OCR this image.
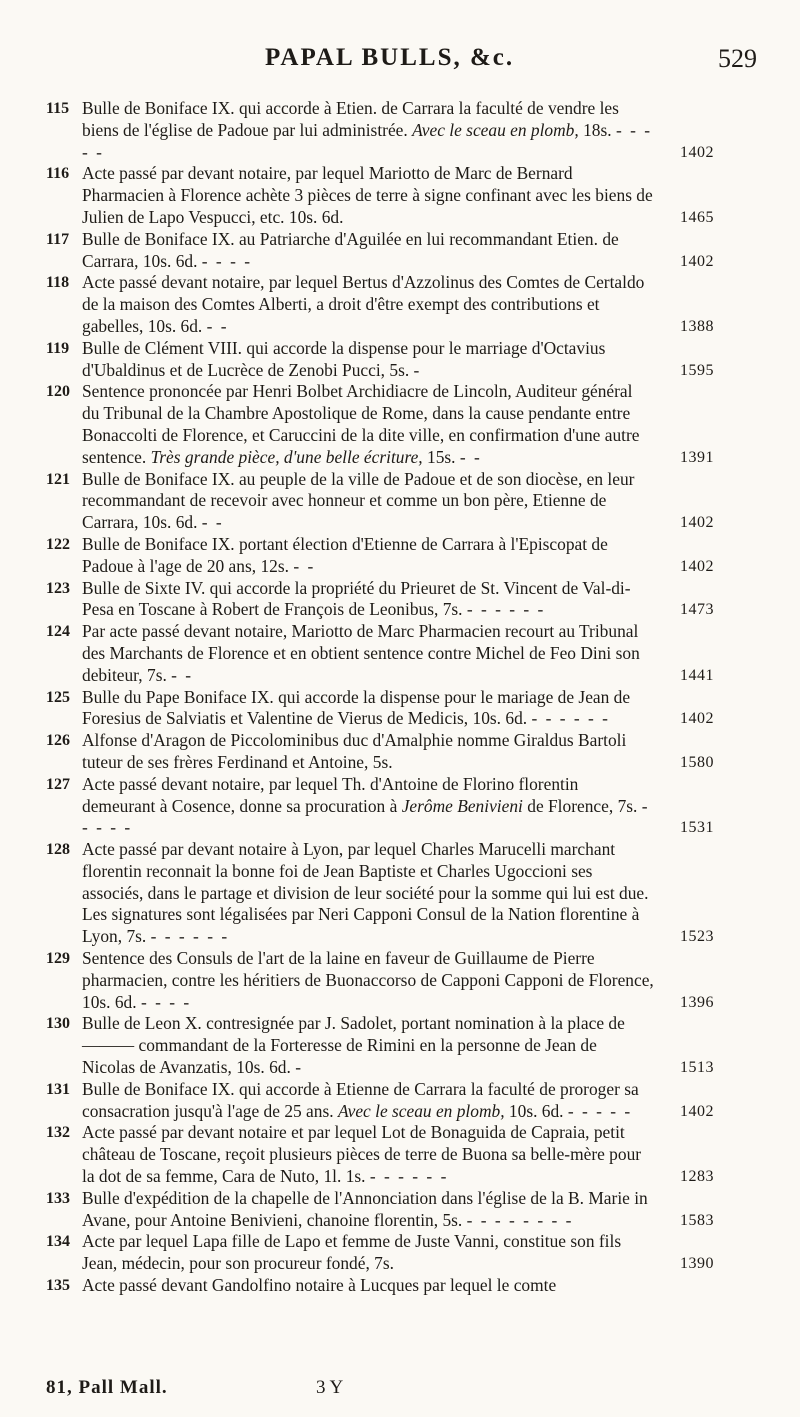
PAPAL BULLS, &c.	529
115 Bulle de Boniface IX. qui accorde à Etien. de Carrara la faculté de vendre les biens de l'église de Padoue par lui administrée. Avec le sceau en plomb, 18s. - - - - -	1402
116 Acte passé par devant notaire, par lequel Mariotto de Marc de Bernard Pharmacien à Florence achète 3 pièces de terre à signe confinant avec les biens de Julien de Lapo Vespucci, etc. 10s. 6d.	1465
117 Bulle de Boniface IX. au Patriarche d'Aguilée en lui recommandant Etien. de Carrara, 10s. 6d. - - - -	1402
118 Acte passé devant notaire, par lequel Bertus d'Azzolinus des Comtes de Certaldo de la maison des Comtes Alberti, a droit d'être exempt des contributions et gabelles, 10s. 6d. - -	1388
119 Bulle de Clément VIII. qui accorde la dispense pour le marriage d'Octavius d'Ubaldinus et de Lucrèce de Zenobi Pucci, 5s. -	1595
120 Sentence prononcée par Henri Bolbet Archidiacre de Lincoln, Auditeur général du Tribunal de la Chambre Apostolique de Rome, dans la cause pendante entre Bonaccolti de Florence, et Caruccini de la dite ville, en confirmation d'une autre sentence. Très grande pièce, d'une belle écriture, 15s. - -	1391
121 Bulle de Boniface IX. au peuple de la ville de Padoue et de son diocèse, en leur recommandant de recevoir avec honneur et comme un bon père, Etienne de Carrara, 10s. 6d. - -	1402
122 Bulle de Boniface IX. portant élection d'Etienne de Carrara à l'Episcopat de Padoue à l'age de 20 ans, 12s. - -	1402
123 Bulle de Sixte IV. qui accorde la propriété du Prieuret de St. Vincent de Val-di-Pesa en Toscane à Robert de François de Leonibus, 7s. - - - - - -	1473
124 Par acte passé devant notaire, Mariotto de Marc Pharmacien recourt au Tribunal des Marchants de Florence et en obtient sentence contre Michel de Feo Dini son debiteur, 7s. - -	1441
125 Bulle du Pape Boniface IX. qui accorde la dispense pour le mariage de Jean de Foresius de Salviatis et Valentine de Vierus de Medicis, 10s. 6d. - - - - - -	1402
126 Alfonse d'Aragon de Piccolominibus duc d'Amalphie nomme Giraldus Bartoli tuteur de ses frères Ferdinand et Antoine, 5s.	1580
127 Acte passé devant notaire, par lequel Th. d'Antoine de Florino florentin demeurant à Cosence, donne sa procuration à Jerôme Benivieni de Florence, 7s. - - - - -	1531
128 Acte passé par devant notaire à Lyon, par lequel Charles Marucelli marchant florentin reconnait la bonne foi de Jean Baptiste et Charles Ugoccioni ses associés, dans le partage et division de leur société pour la somme qui lui est due. Les signatures sont légalisées par Neri Capponi Consul de la Nation florentine à Lyon, 7s. - - - - - -	1523
129 Sentence des Consuls de l'art de la laine en faveur de Guillaume de Pierre pharmacien, contre les héritiers de Buonaccorso de Capponi Capponi de Florence, 10s. 6d. - - - -	1396
130 Bulle de Leon X. contresignée par J. Sadolet, portant nomination à la place de ——— commandant de la Forteresse de Rimini en la personne de Jean de Nicolas de Avanzatis, 10s. 6d. -	1513
131 Bulle de Boniface IX. qui accorde à Etienne de Carrara la faculté de proroger sa consacration jusqu'à l'age de 25 ans. Avec le sceau en plomb, 10s. 6d. - - - - -	1402
132 Acte passé par devant notaire et par lequel Lot de Bonaguida de Capraia, petit château de Toscane, reçoit plusieurs pièces de terre de Buona sa belle-mère pour la dot de sa femme, Cara de Nuto, 1l. 1s. - - - - - -	1283
133 Bulle d'expédition de la chapelle de l'Annonciation dans l'église de la B. Marie in Avane, pour Antoine Benivieni, chanoine florentin, 5s. - - - - - - - -	1583
134 Acte par lequel Lapa fille de Lapo et femme de Juste Vanni, constitue son fils Jean, médecin, pour son procureur fondé, 7s.	1390
135 Acte passé devant Gandolfino notaire à Lucques par lequel le comte
81, Pall Mall.	3 Y
